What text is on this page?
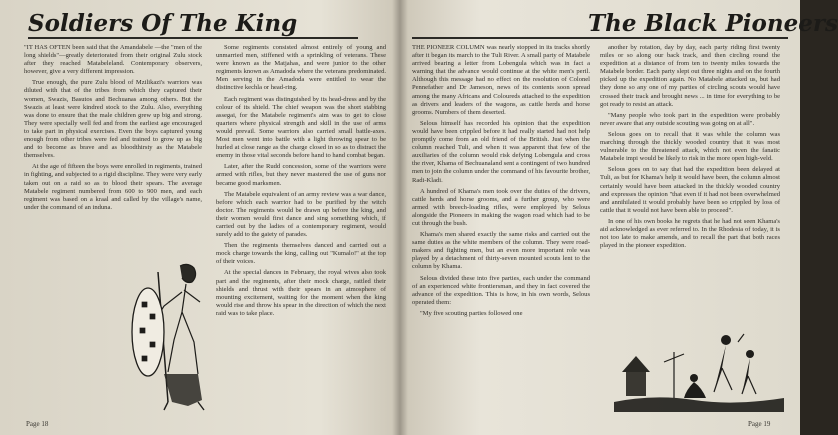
Soldiers Of The King

"IT HAS OFTEN been said that the Amandabele —the "men of the long shields"—greatly deteriorated from their original Zulu stock after they reached Matabeleland. Contemporary observers, however, give a very different impression.

True enough, the pure Zulu blood of Mzilikazi's warriors was diluted with that of the tribes from which they captured their women, Swazis, Basutos and Bechuanas among others. But the Swazis at least were kindred stock to the Zulu. Also, everything was done to ensure that the male children grew up big and strong. They were specially well fed and from the earliest age encouraged to take part in physical exercises. Even the boys captured young enough from other tribes were fed and trained to grow up as big and to become as brave and as bloodthirsty as the Matabele themselves.

At the age of fifteen the boys were enrolled in regiments, trained in fighting, and subjected to a rigid discipline. They were very early taken out on a raid so as to blood their spears. The average Matabele regiment numbered from 600 to 900 men, and each regiment was based on a kraal and called by the village's name, under the command of an induna.

Some regiments consisted almost entirely of young and unmarried men, stiffened with a sprinkling of veterans. These were known as the Matjahas, and were junior to the other regiments known as Amadoda where the veterans predominated. Men serving in the Amadoda were entitled to wear the distinctive kechla or head-ring.

Each regiment was distinguished by its head-dress and by the colour of its shield. The chief weapon was the short stabbing assegai, for the Matabele regiment's aim was to get to close quarters where physical strength and skill in the use of arms would prevail. Some warriors also carried small battle-axes. Most men went into battle with a light throwing spear to be hurled at close range as the charge closed in so as to distract the enemy in those vital seconds before hand to hand combat began.

Later, after the Rudd concession, some of the warriors were armed with rifles, but they never mastered the use of guns nor became good marksmen.

The Matabele equivalent of an army review was a war dance, before which each warrior had to be purified by the witch doctor. The regiments would be drawn up before the king, and their women would first dance and sing something which, if carried out by the ladies of a contemporary regiment, would surely add to the gaiety of parades.

Then the regiments themselves danced and carried out a mock charge towards the king, calling out "Kumalo!" at the top of their voices.

At the special dances in February, the royal wives also took part and the regiments, after their mock charge, rattled their shields and thrust with their spears in an atmosphere of mounting excitement, waiting for the moment when the king would rise and throw his spear in the direction of which the next raid was to take place.

Page 18
The Black Pioneers

THE PIONEER COLUMN was nearly stopped in its tracks shortly after it began its march to the Tuli River. A small party of Matabele arrived bearing a letter from Lobengula which was in fact a warning that the advance would continue at the white men's peril. Although this message had no effect on the resolution of Colonel Pennefather and Dr Jameson, news of its contents soon spread among the many Africans and Coloureds attached to the expedition as drivers and leaders of the wagons, as cattle herds and horse grooms. Numbers of them deserted.

Selous himself has recorded his opinion that the expedition would have been crippled before it had really started had not help promptly come from an old friend of the British. Just when the column reached Tuli, and when it was apparent that few of the auxiliaries of the column would risk defying Lobengula and cross the river, Khama of Bechuanaland sent a contingent of two hundred men to join the column under the command of his favourite brother, Radi-Kladi.

A hundred of Khama's men took over the duties of the drivers, cattle herds and horse grooms, and a further group, who were armed with breech-loading rifles, were employed by Selous alongside the Pioneers in making the wagon road which had to be cut through the bush.

Khama's men shared exactly the same risks and carried out the same duties as the white members of the column. They were road-makers and fighting men, but an even more important role was played by a detachment of thirty-seven mounted scouts lent to the column by Khama.

Selous divided these into five parties, each under the command of an experienced white frontiersman, and they in fact covered the advance of the expedition. This is how, in his own words, Selous operated them:

"My five scouting parties followed one

another by rotation, day by day, each party riding first twenty miles or so along our back track, and then circling round the expedition at a distance of from ten to twenty miles towards the Matabele border. Each party slept out three nights and on the fourth picked up the expedition again. No Matabele attacked us, but had they done so any one of my parties of circling scouts would have crossed their track and brought news ... in time for everything to be got ready to resist an attack.

"Many people who took part in the expedition were probably never aware that any outside scouting was going on at all".

Selous goes on to recall that it was while the column was marching through the thickly wooded country that it was most vulnerable to the threatened attack, which not even the fanatic Matabele impi would be likely to risk in the more open high-veld.

Selous goes on to say that had the expedition been delayed at Tuli, as but for Khama's help it would have been, the column almost certainly would have been attacked in the thickly wooded country and expresses the opinion "that even if it had not been overwhelmed and annihilated it would probably have been so crippled by loss of cattle that it would not have been able to proceed".

In one of his own books he regrets that he had not seen Khama's aid acknowledged as ever referred to. In the Rhodesia of today, it is not too late to make amends, and to recall the part that both races played in the pioneer expedition.

Page 19
